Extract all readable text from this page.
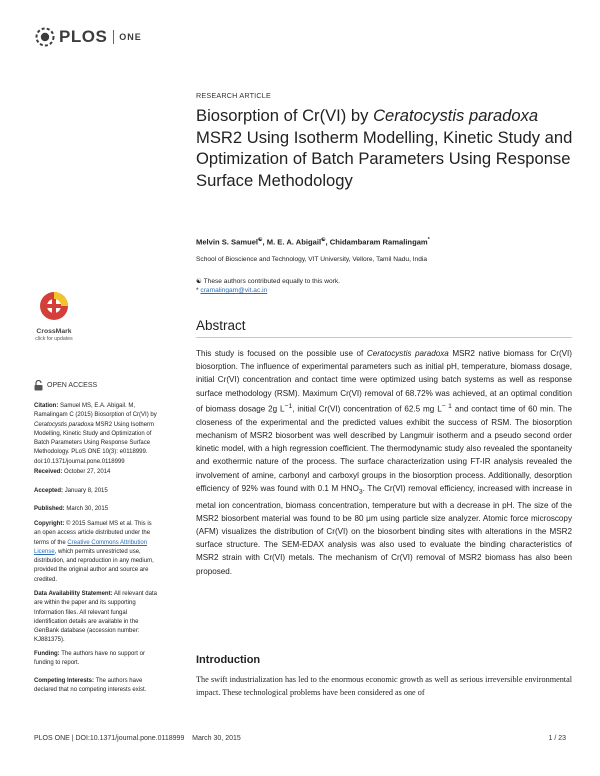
PLOS ONE
RESEARCH ARTICLE
Biosorption of Cr(VI) by Ceratocystis paradoxa MSR2 Using Isotherm Modelling, Kinetic Study and Optimization of Batch Parameters Using Response Surface Methodology
Melvin S. Samuel☯, M. E. A. Abigail☯, Chidambaram Ramalingam*
School of Bioscience and Technology, VIT University, Vellore, Tamil Nadu, India
☯ These authors contributed equally to this work.
* cramalingam@vit.ac.in
CrossMark
click for updates
Abstract
This study is focused on the possible use of Ceratocystis paradoxa MSR2 native biomass for Cr(VI) biosorption. The influence of experimental parameters such as initial pH, temperature, biomass dosage, initial Cr(VI) concentration and contact time were optimized using batch systems as well as response surface methodology (RSM). Maximum Cr(VI) removal of 68.72% was achieved, at an optimal condition of biomass dosage 2g $L^{-1}$, initial Cr(VI) concentration of 62.5 mg $L^{- 1}$ and contact time of 60 min. The closeness of the experimental and the predicted values exhibit the success of RSM. The biosorption mechanism of MSR2 biosorbent was well described by Langmuir isotherm and a pseudo second order kinetic model, with a high regression coefficient. The thermodynamic study also revealed the spontaneity and exothermic nature of the process. The surface characterization using FT-IR analysis revealed the involvement of amine, carbonyl and carboxyl groups in the biosorption process. Additionally, desorption efficiency of 92% was found with 0.1 M $HNO_3$. The Cr(VI) removal efficiency, increased with increase in metal ion concentration, biomass concentration, temperature but with a decrease in pH. The size of the MSR2 biosorbent material was found to be 80 μm using particle size analyzer. Atomic force microscopy (AFM) visualizes the distribution of Cr(VI) on the biosorbent binding sites with alterations in the MSR2 surface structure. The SEM-EDAX analysis was also used to evaluate the binding characteristics of MSR2 strain with Cr(VI) metals. The mechanism of Cr(VI) removal of MSR2 biomass has also been proposed.
OPEN ACCESS
Citation: Samuel MS, E.A. Abigail. M, Ramalingam C (2015) Biosorption of Cr(VI) by Ceratocystis paradoxa MSR2 Using Isotherm Modelling, Kinetic Study and Optimization of Batch Parameters Using Response Surface Methodology. PLoS ONE 10(3): e0118999. doi:10.1371/journal.pone.0118999
Received: October 27, 2014
Accepted: January 8, 2015
Published: March 30, 2015
Copyright: © 2015 Samuel MS et al. This is an open access article distributed under the terms of the Creative Commons Attribution License, which permits unrestricted use, distribution, and reproduction in any medium, provided the original author and source are credited.
Data Availability Statement: All relevant data are within the paper and its supporting Information files. All relevant fungal identification details are available in the GenBank database (accession number: KJ881375).
Funding: The authors have no support or funding to report.
Competing Interests: The authors have declared that no competing interests exist.
Introduction
The swift industrialization has led to the enormous economic growth as well as serious irreversible environmental impact. These technological problems have been considered as one of
PLOS ONE | DOI:10.1371/journal.pone.0118999    March 30, 2015	1 / 23
